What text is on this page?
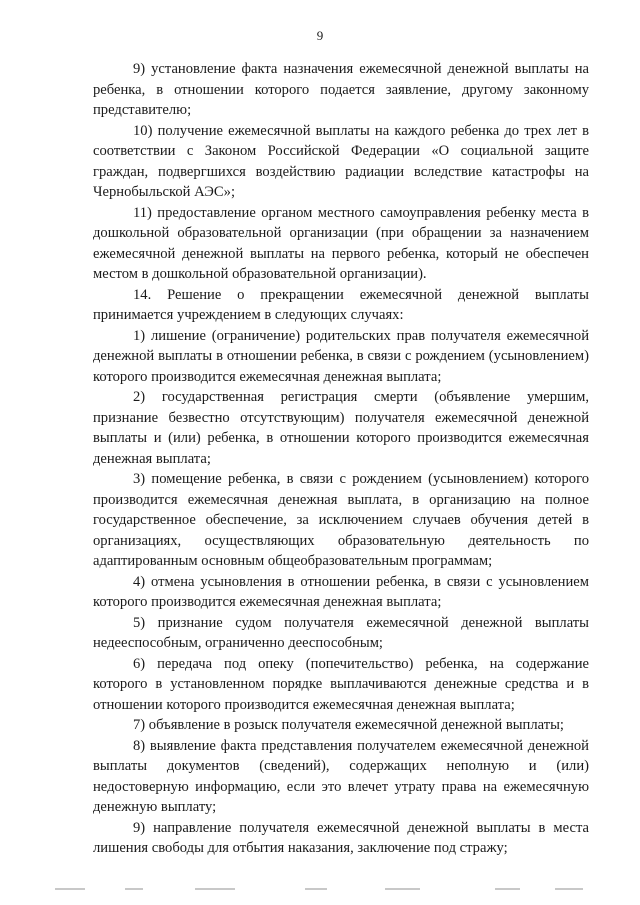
9

9) установление факта назначения ежемесячной денежной выплаты на ребенка, в отношении которого подается заявление, другому законному представителю;

10) получение ежемесячной выплаты на каждого ребенка до трех лет в соответствии с Законом Российской Федерации «О социальной защите граждан, подвергшихся воздействию радиации вследствие катастрофы на Чернобыльской АЭС»;

11) предоставление органом местного самоуправления ребенку места в дошкольной образовательной организации (при обращении за назначением ежемесячной денежной выплаты на первого ребенка, который не обеспечен местом в дошкольной образовательной организации).

14.  Решение  о  прекращении  ежемесячной  денежной  выплаты принимается учреждением в следующих случаях:

1) лишение (ограничение) родительских прав получателя ежемесячной денежной выплаты в отношении ребенка, в связи с рождением (усыновлением) которого производится ежемесячная денежная выплата;

2)  государственная  регистрация  смерти  (объявление  умершим, признание безвестно отсутствующим) получателя ежемесячной денежной выплаты и (или) ребенка, в отношении которого производится ежемесячная денежная выплата;

3) помещение ребенка, в связи с рождением (усыновлением) которого производится ежемесячная денежная выплата, в организацию на полное государственное обеспечение, за исключением случаев обучения детей в организациях, осуществляющих образовательную деятельность по адаптированным основным общеобразовательным программам;

4) отмена усыновления в отношении ребенка, в связи с усыновлением которого производится ежемесячная денежная выплата;

5) признание судом получателя ежемесячной денежной выплаты недееспособным, ограниченно дееспособным;

6) передача под опеку (попечительство) ребенка, на содержание которого в установленном порядке выплачиваются денежные средства и в отношении которого производится ежемесячная денежная выплата;

7) объявление в розыск получателя ежемесячной денежной выплаты;

8) выявление факта представления получателем ежемесячной денежной выплаты документов (сведений), содержащих неполную и (или) недостоверную информацию, если это влечет утрату права на ежемесячную денежную выплату;

9) направление получателя ежемесячной денежной выплаты в места лишения свободы для отбытия наказания, заключение под стражу;
